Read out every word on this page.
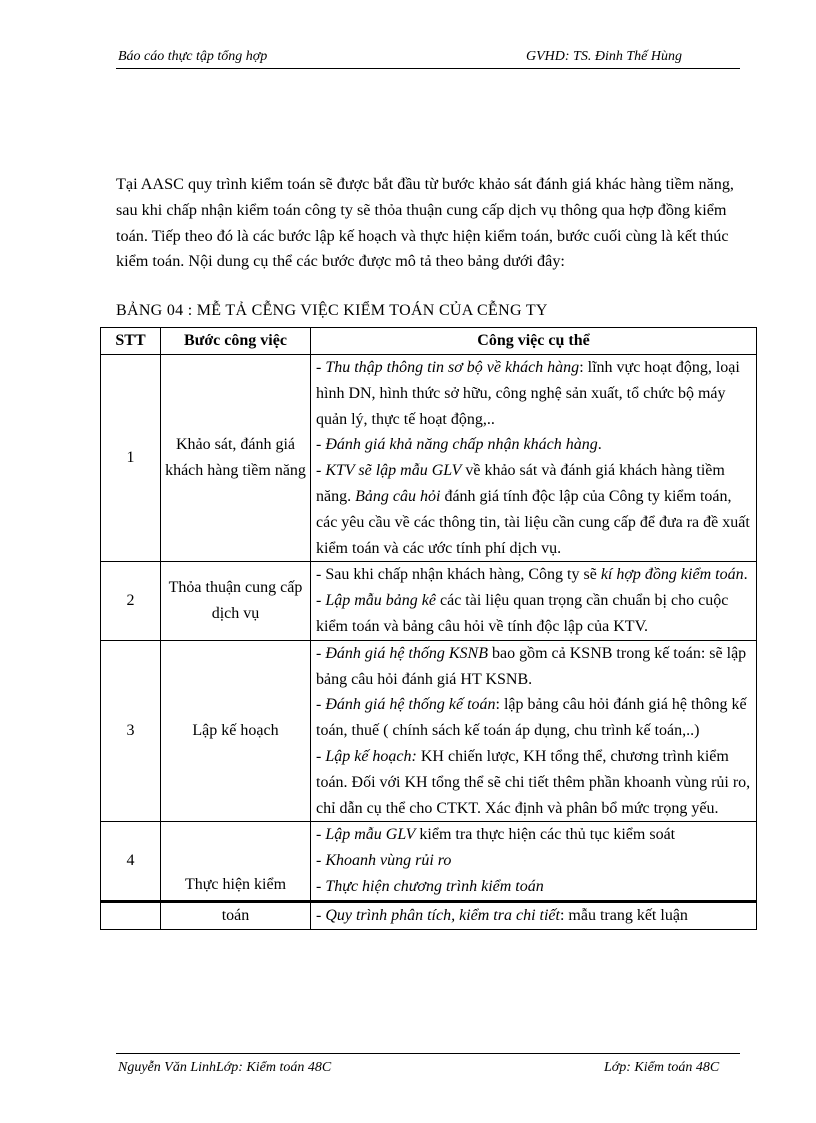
Báo cáo thực tập tổng hợp	GVHD: TS. Đinh Thế Hùng
Tại AASC quy trình kiểm toán sẽ được bắt đầu từ bước khảo sát đánh giá khác hàng tiềm năng, sau khi chấp nhận kiểm toán công ty sẽ thỏa thuận cung cấp dịch vụ thông qua hợp đồng kiểm toán. Tiếp theo đó là các bước lập kế hoạch và thực hiện kiểm toán, bước cuối cùng là kết thúc kiểm toán. Nội dung cụ thể các bước được mô tả theo bảng dưới đây:
BẢNG 04 : MỄ TẢ CỄNG VIỆC KIỂM TOÁN CỦA CỄNG TY
STT	Bước công việc	Công việc cụ thể
1	Khảo sát, đánh giá khách hàng tiềm năng	- Thu thập thông tin sơ bộ về khách hàng: lĩnh vực hoạt động, loại hình DN, hình thức sở hữu, công nghệ sản xuất, tổ chức bộ máy quản lý, thực tế hoạt động,..
- Đánh giá khả năng chấp nhận khách hàng.
- KTV sẽ lập mẫu GLV về khảo sát và đánh giá khách hàng tiềm năng. Bảng câu hỏi đánh giá tính độc lập của Công ty kiểm toán, các yêu cầu về các thông tin, tài liệu cần cung cấp để đưa ra đề xuất kiểm toán và các ước tính phí dịch vụ.

2	Thỏa thuận cung cấp dịch vụ	- Sau khi chấp nhận khách hàng, Công ty sẽ kí hợp đồng kiểm toán.
- Lập mẫu bảng kê các tài liệu quan trọng cần chuẩn bị cho cuộc kiểm toán và bảng câu hỏi về tính độc lập của KTV.

3	Lập kế hoạch	- Đánh giá hệ thống KSNB bao gồm cả KSNB trong kế toán: sẽ lập bảng câu hỏi đánh giá HT KSNB.
- Đánh giá hệ thống kế toán: lập bảng câu hỏi đánh giá hệ thông kế toán, thuế ( chính sách kế toán áp dụng, chu trình kế toán,..)
- Lập kế hoạch: KH chiến lược, KH tổng thể, chương trình kiểm toán. Đối với KH tổng thể sẽ chi tiết thêm phần khoanh vùng rủi ro, chỉ dẫn cụ thể cho CTKT. Xác định và phân bổ mức trọng yếu.

4	Thực hiện kiểm	- Lập mẫu GLV kiểm tra thực hiện các thủ tục kiểm soát
- Khoanh vùng rủi ro
- Thực hiện chương trình kiểm toán

	toán	- Quy trình phân tích, kiểm tra chi tiết: mẫu trang kết luận
Nguyễn Văn LinhLớp: Kiểm toán 48C	Lớp: Kiểm toán 48C
